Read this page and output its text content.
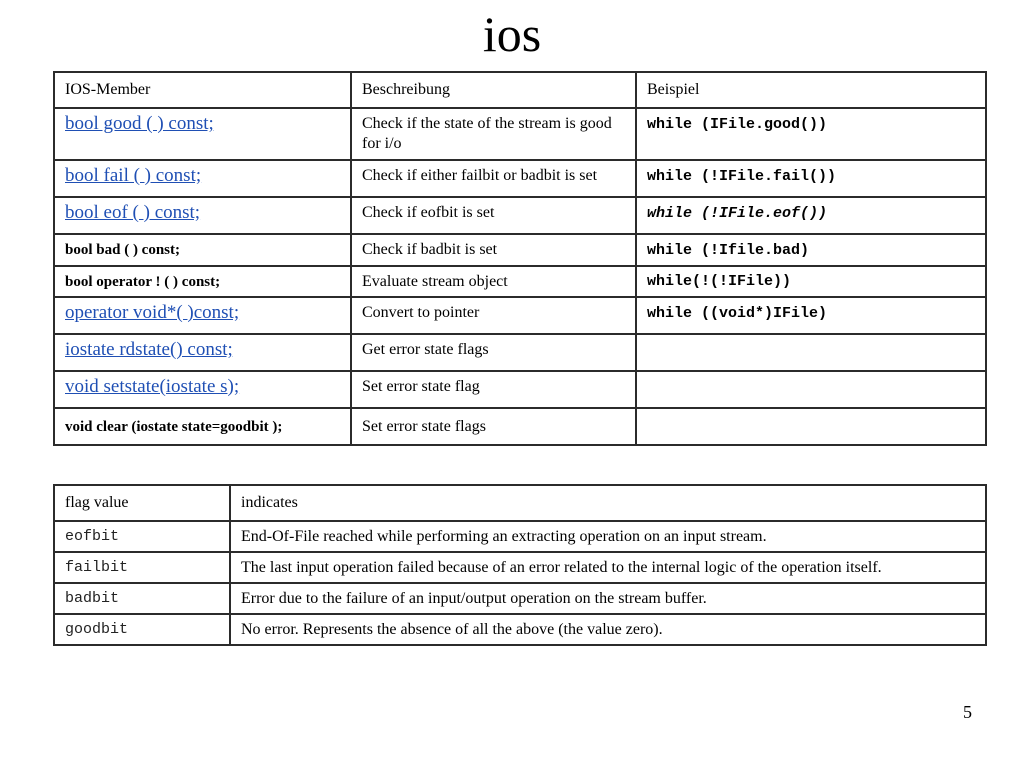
ios
IOS-Member	Beschreibung	Beispiel
bool good ( ) const;	Check if the state of the stream is good for i/o	while (IFile.good())
bool fail ( ) const;	Check if either failbit or badbit is set	while (!IFile.fail())
bool eof ( ) const;	Check if eofbit is set	while (!IFile.eof())
bool bad ( ) const;	Check if badbit is set	while (!Ifile.bad)
bool operator ! ( ) const;	Evaluate stream object	while(!(!IFile))
operator void*( )const;	Convert to pointer	while ((void*)IFile)
iostate rdstate() const;	Get error state flags	
void setstate(iostate s);	Set error state flag	
void clear (iostate state=goodbit );	Set error state flags	
flag value	indicates
eofbit	End-Of-File reached while performing an extracting operation on an input stream.
failbit	The last input operation failed because of an error related to the internal logic of the operation itself.
badbit	Error due to the failure of an input/output operation on the stream buffer.
goodbit	No error. Represents the absence of all the above (the value zero).
5
